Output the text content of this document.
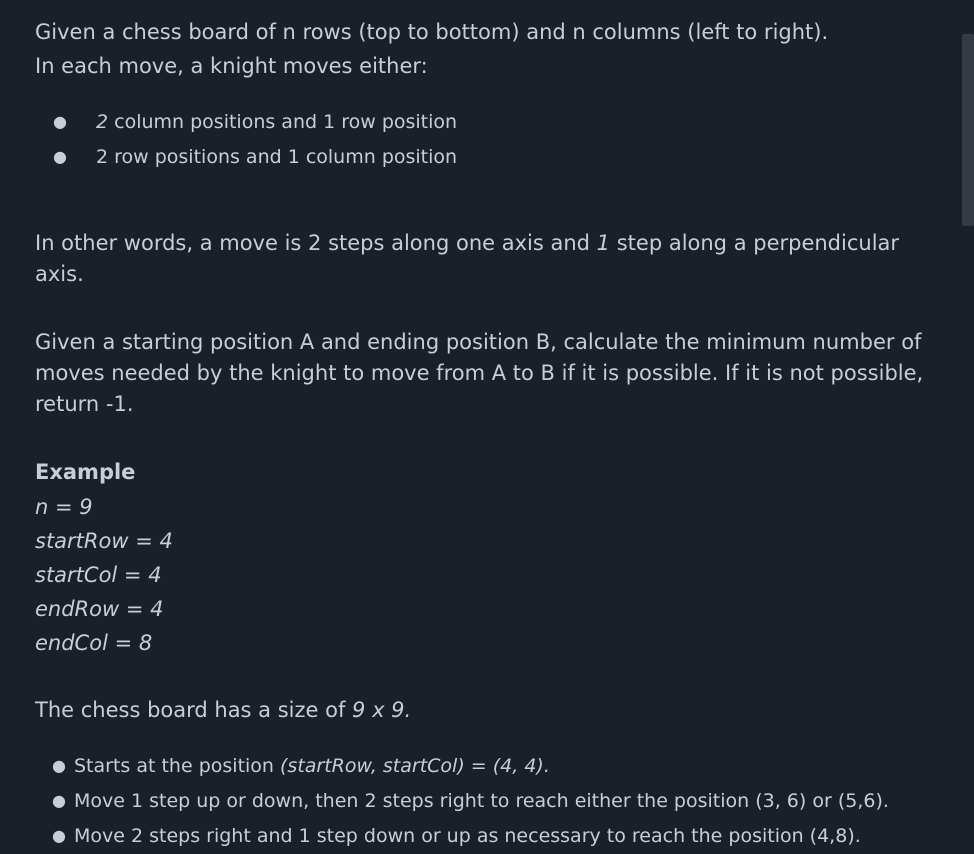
Given a chess board of n rows (top to bottom) and n columns (left to right).
In each move, a knight moves either:
● 2 column positions and 1 row position
● 2 row positions and 1 column position
In other words, a move is 2 steps along one axis and 1 step along a perpendicular axis.
Given a starting position A and ending position B, calculate the minimum number of moves needed by the knight to move from A to B if it is possible. If it is not possible, return -1.
Example
n = 9
startRow = 4
startCol = 4
endRow = 4
endCol = 8
The chess board has a size of 9 x 9.
● Starts at the position (startRow, startCol) = (4, 4).
● Move 1 step up or down, then 2 steps right to reach either the position (3, 6) or (5,6).
● Move 2 steps right and 1 step down or up as necessary to reach the position (4,8).
